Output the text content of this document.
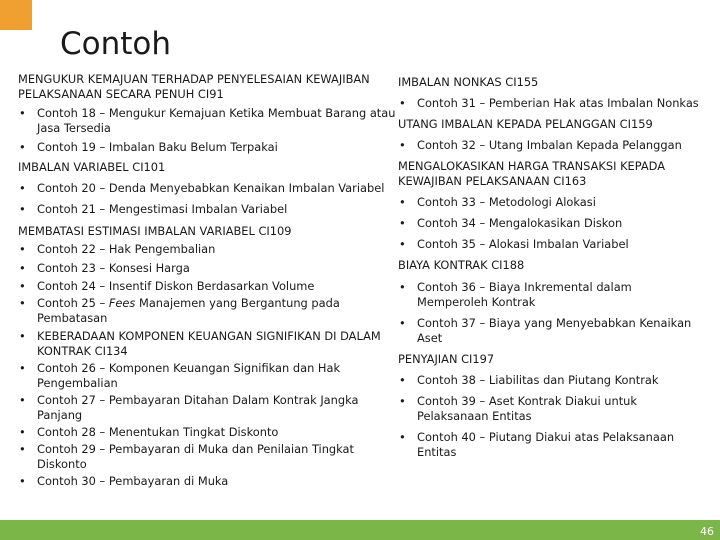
Contoh

MENGUKUR KEMAJUAN TERHADAP PENYELESAIAN KEWAJIBAN PELAKSANAAN SECARA PENUH CI91

• Contoh 18 – Mengukur Kemajuan Ketika Membuat Barang atau Jasa Tersedia

• Contoh 19 – Imbalan Baku Belum Terpakai

IMBALAN VARIABEL CI101

• Contoh 20 – Denda Menyebabkan Kenaikan Imbalan Variabel

• Contoh 21 – Mengestimasi Imbalan Variabel

MEMBATASI ESTIMASI IMBALAN VARIABEL CI109

• Contoh 22 – Hak Pengembalian

• Contoh 23 – Konsesi Harga

• Contoh 24 – Insentif Diskon Berdasarkan Volume

• Contoh 25 – Fees Manajemen yang Bergantung pada Pembatasan

• KEBERADAAN KOMPONEN KEUANGAN SIGNIFIKAN DI DALAM KONTRAK CI134

• Contoh 26 – Komponen Keuangan Signifikan dan Hak Pengembalian

• Contoh 27 – Pembayaran Ditahan Dalam Kontrak Jangka Panjang

• Contoh 28 – Menentukan Tingkat Diskonto

• Contoh 29 – Pembayaran di Muka dan Penilaian Tingkat Diskonto

• Contoh 30 – Pembayaran di Muka

IMBALAN NONKAS CI155

• Contoh 31 – Pemberian Hak atas Imbalan Nonkas

UTANG IMBALAN KEPADA PELANGGAN CI159

• Contoh 32 – Utang Imbalan Kepada Pelanggan

MENGALOKASIKAN HARGA TRANSAKSI KEPADA KEWAJIBAN PELAKSANAAN CI163

• Contoh 33 – Metodologi Alokasi

• Contoh 34 – Mengalokasikan Diskon

• Contoh 35 – Alokasi Imbalan Variabel

BIAYA KONTRAK CI188

• Contoh 36 – Biaya Inkremental dalam Memperoleh Kontrak

• Contoh 37 – Biaya yang Menyebabkan Kenaikan Aset

PENYAJIAN CI197

• Contoh 38 – Liabilitas dan Piutang Kontrak

• Contoh 39 – Aset Kontrak Diakui untuk Pelaksanaan Entitas

• Contoh 40 – Piutang Diakui atas Pelaksanaan Entitas

46
